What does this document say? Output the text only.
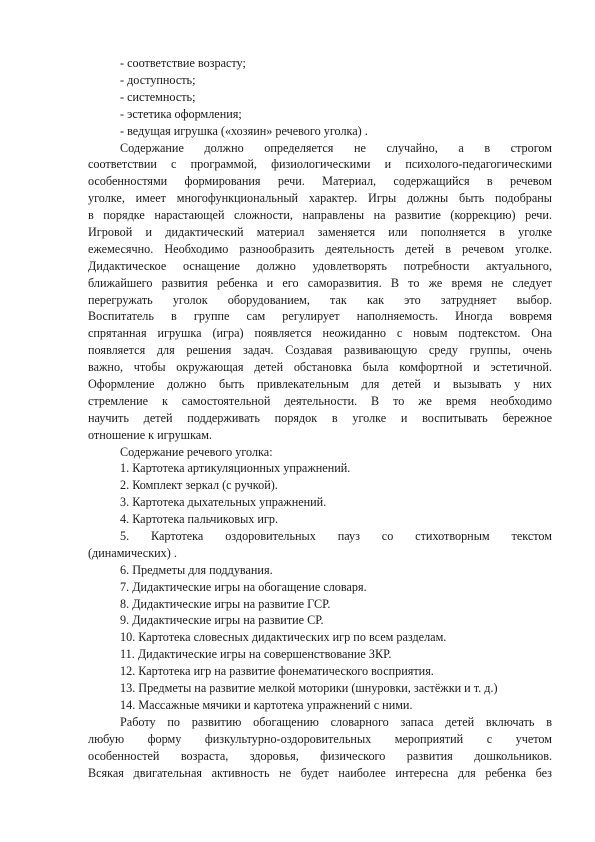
- соответствие возрасту;
- доступность;
- системность;
- эстетика оформления;
- ведущая игрушка («хозяин» речевого уголка) .
Содержание должно определяется не случайно, а в строгом
соответствии с программой, физиологическими и психолого-педагогическими
особенностями формирования речи. Материал, содержащийся в речевом
уголке, имеет многофункциональный характер. Игры должны быть подобраны
в порядке нарастающей сложности, направлены на развитие (коррекцию) речи.
Игровой и дидактический материал заменяется или пополняется в уголке
ежемесячно. Необходимо разнообразить деятельность детей в речевом уголке.
Дидактическое оснащение должно удовлетворять потребности актуального,
ближайшего развития ребенка и его саморазвития. В то же время не следует
перегружать уголок оборудованием, так как это затрудняет выбор.
Воспитатель в группе сам регулирует наполняемость. Иногда вовремя
спрятанная игрушка (игра) появляется неожиданно с новым подтекстом. Она
появляется для решения задач. Создавая развивающую среду группы, очень
важно, чтобы окружающая детей обстановка была комфортной и эстетичной.
Оформление должно быть привлекательным для детей и вызывать у них
стремление к самостоятельной деятельности. В то же время необходимо
научить детей поддерживать порядок в уголке и воспитывать бережное
отношение к игрушкам.
Содержание речевого уголка:
1. Картотека артикуляционных упражнений.
2. Комплект зеркал (с ручкой).
3. Картотека дыхательных упражнений.
4. Картотека пальчиковых игр.
5. Картотека оздоровительных пауз со стихотворным текстом
(динамических) .
6. Предметы для поддувания.
7. Дидактические игры на обогащение словаря.
8. Дидактические игры на развитие ГСР.
9. Дидактические игры на развитие СР.
10. Картотека словесных дидактических игр по всем разделам.
11. Дидактические игры на совершенствование ЗКР.
12. Картотека игр на развитие фонематического восприятия.
13. Предметы на развитие мелкой моторики (шнуровки, застёжки и т. д.)
14. Массажные мячики и картотека упражнений с ними.
Работу по развитию обогащению словарного запаса детей включать в
любую форму физкультурно-оздоровительных мероприятий с учетом
особенностей возраста, здоровья, физического развития дошкольников.
Всякая двигательная активность не будет наиболее интересна для ребенка без
